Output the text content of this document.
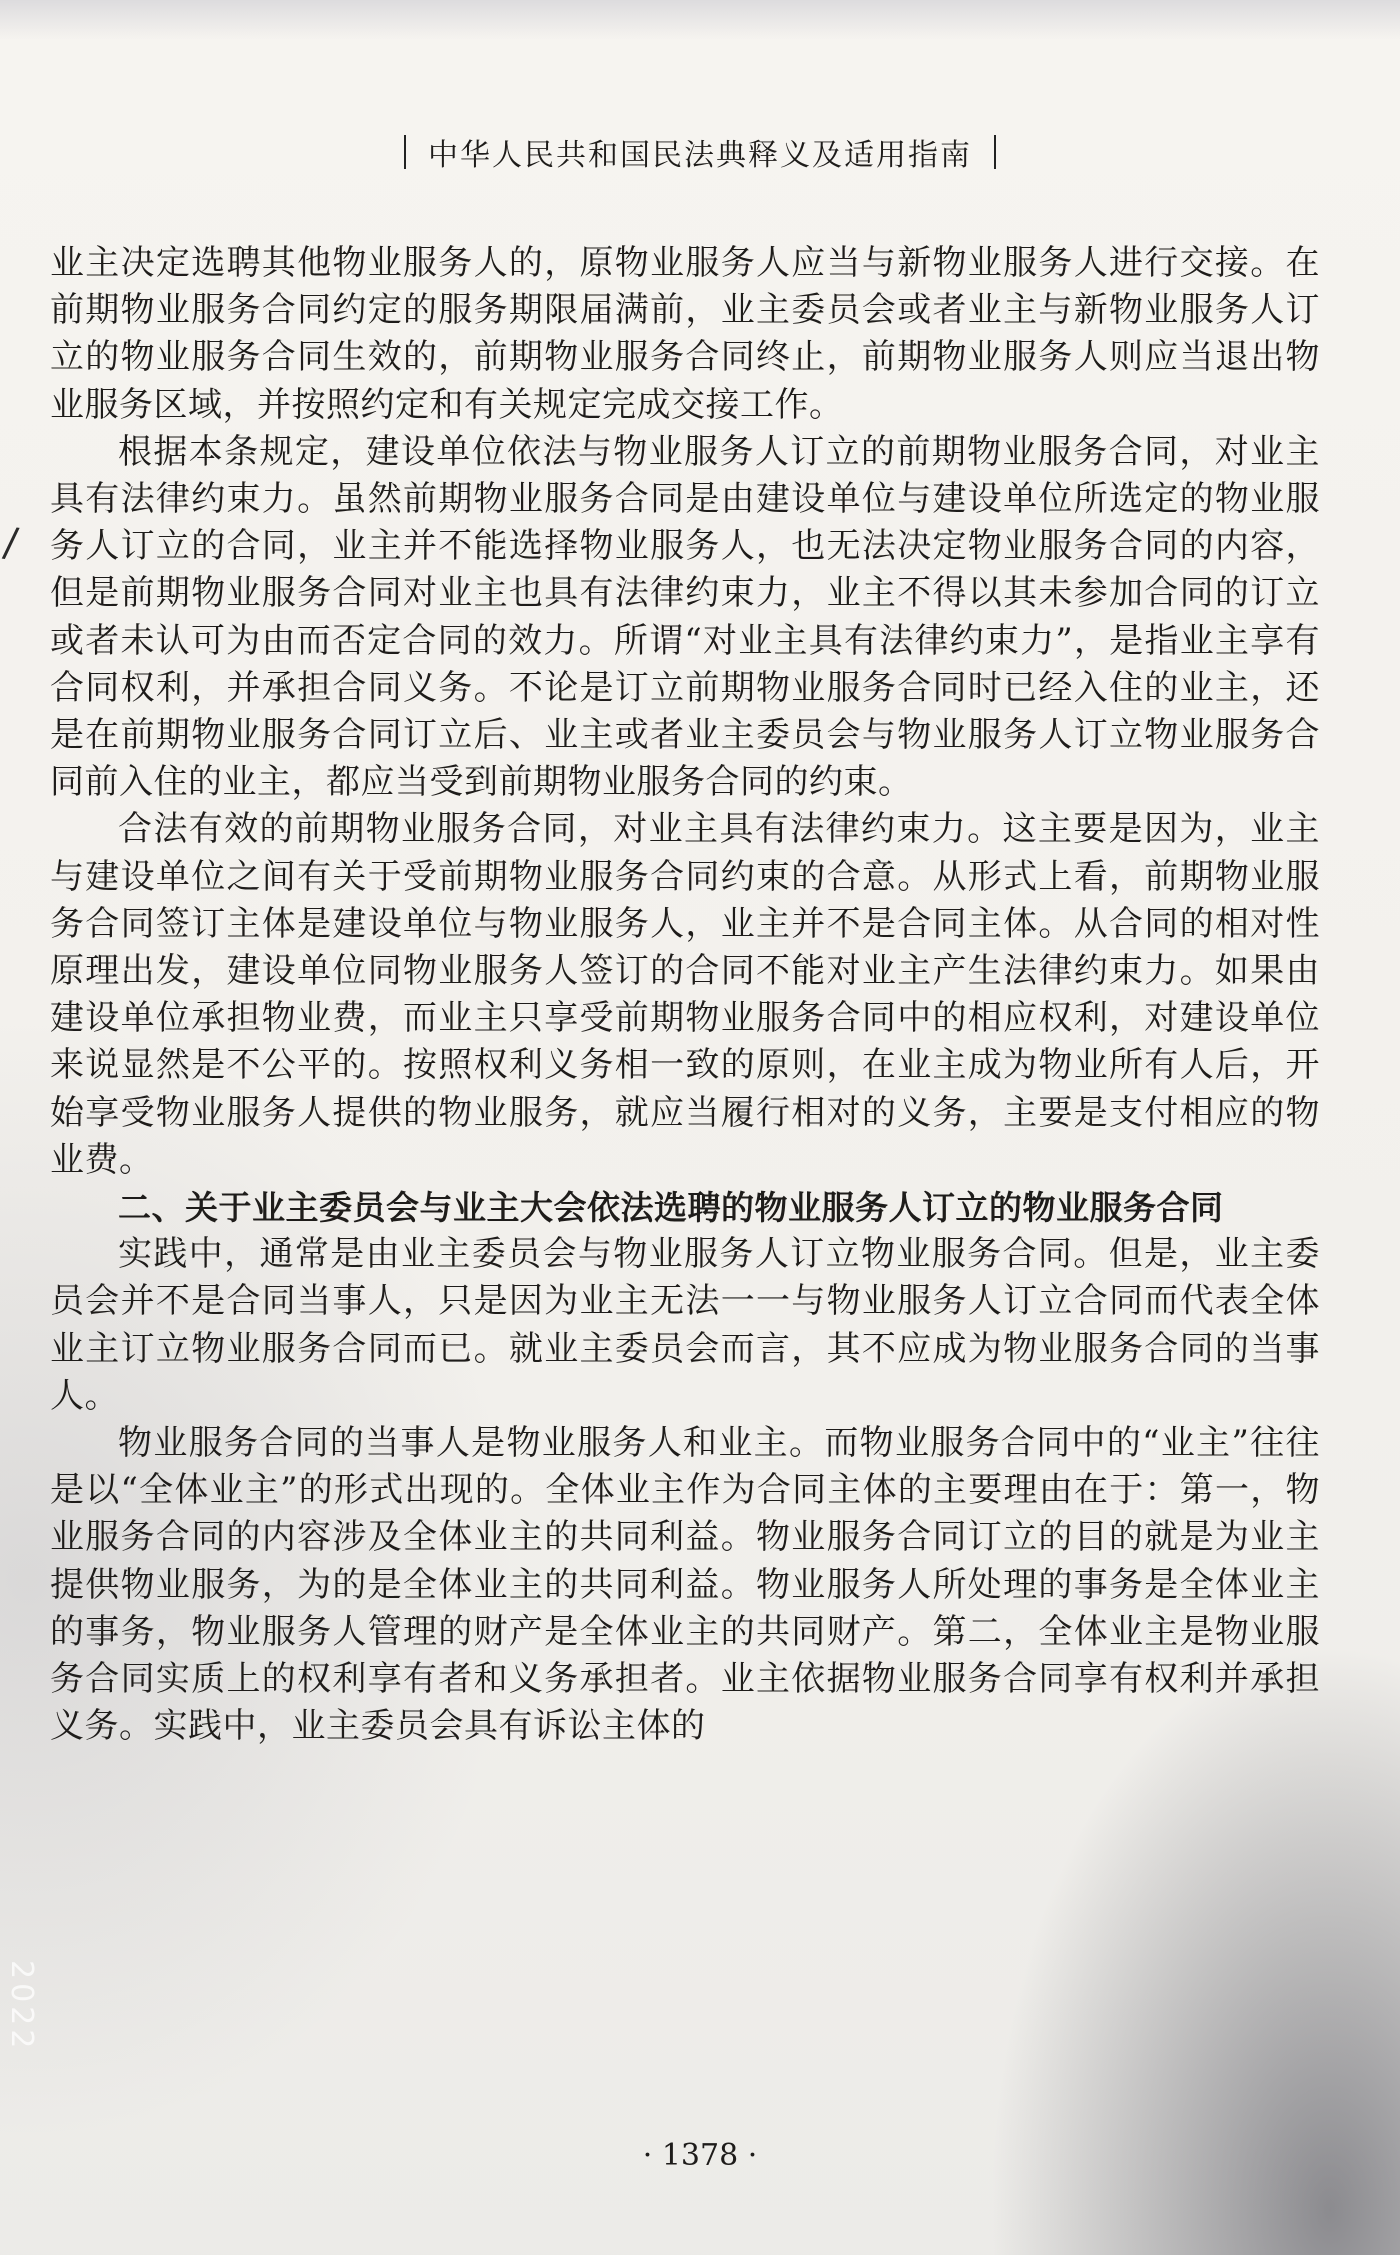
中华人民共和国民法典释义及适用指南
/

业主决定选聘其他物业服务人的，原物业服务人应当与新物业服务人进行交接。在前期物业服务合同约定的服务期限届满前，业主委员会或者业主与新物业服务人订立的物业服务合同生效的，前期物业服务合同终止，前期物业服务人则应当退出物业服务区域，并按照约定和有关规定完成交接工作。

根据本条规定，建设单位依法与物业服务人订立的前期物业服务合同，对业主具有法律约束力。虽然前期物业服务合同是由建设单位与建设单位所选定的物业服务人订立的合同，业主并不能选择物业服务人，也无法决定物业服务合同的内容，但是前期物业服务合同对业主也具有法律约束力，业主不得以其未参加合同的订立或者未认可为由而否定合同的效力。所谓“对业主具有法律约束力”，是指业主享有合同权利，并承担合同义务。不论是订立前期物业服务合同时已经入住的业主，还是在前期物业服务合同订立后、业主或者业主委员会与物业服务人订立物业服务合同前入住的业主，都应当受到前期物业服务合同的约束。

合法有效的前期物业服务合同，对业主具有法律约束力。这主要是因为，业主与建设单位之间有关于受前期物业服务合同约束的合意。从形式上看，前期物业服务合同签订主体是建设单位与物业服务人，业主并不是合同主体。从合同的相对性原理出发，建设单位同物业服务人签订的合同不能对业主产生法律约束力。如果由建设单位承担物业费，而业主只享受前期物业服务合同中的相应权利，对建设单位来说显然是不公平的。按照权利义务相一致的原则，在业主成为物业所有人后，开始享受物业服务人提供的物业服务，就应当履行相对的义务，主要是支付相应的物业费。

二、关于业主委员会与业主大会依法选聘的物业服务人订立的物业服务合同

实践中，通常是由业主委员会与物业服务人订立物业服务合同。但是，业主委员会并不是合同当事人，只是因为业主无法一一与物业服务人订立合同而代表全体业主订立物业服务合同而已。就业主委员会而言，其不应成为物业服务合同的当事人。

物业服务合同的当事人是物业服务人和业主。而物业服务合同中的“业主”往往是以“全体业主”的形式出现的。全体业主作为合同主体的主要理由在于：第一，物业服务合同的内容涉及全体业主的共同利益。物业服务合同订立的目的就是为业主提供物业服务，为的是全体业主的共同利益。物业服务人所处理的事务是全体业主的事务，物业服务人管理的财产是全体业主的共同财产。第二，全体业主是物业服务合同实质上的权利享有者和义务承担者。业主依据物业服务合同享有权利并承担义务。实践中，业主委员会具有诉讼主体的

2022
· 1378 ·
